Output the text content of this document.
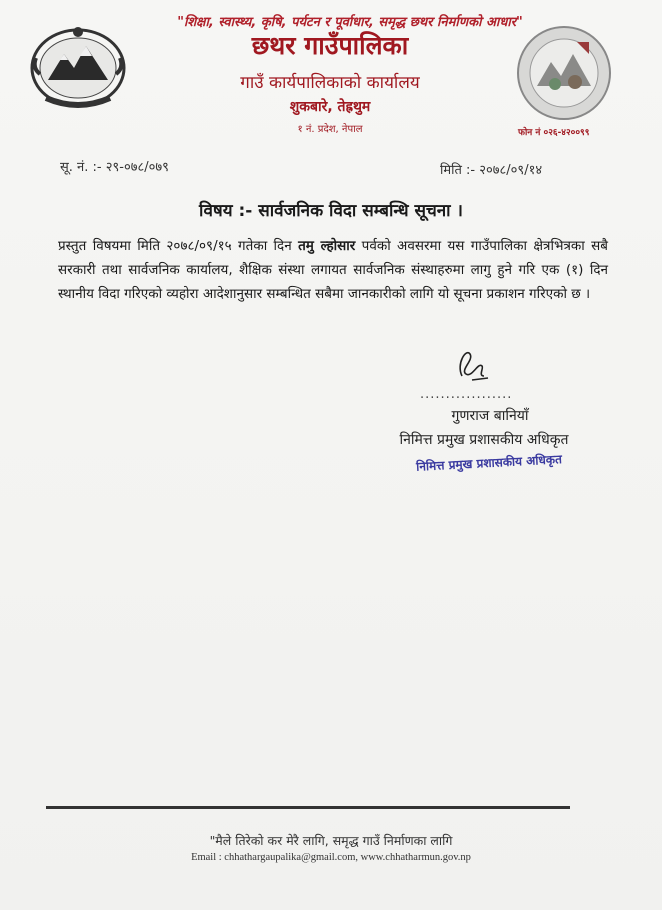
"शिक्षा, स्वास्थ्य, कृषि, पर्यटन र पूर्वाधार, समृद्ध छथर निर्माणको आधार"
छथर गाउँपालिका
गाउँ कार्यपालिकाको कार्यालय
शुकबारे, तेह्रथुम
१ नं. प्रदेश, नेपाल	फोन नं ०२६-४२००९९
सू. नं. :- २९-०७८/०७९	मिति :- २०७८/०९/१४
विषय :- सार्वजनिक विदा सम्बन्धि सूचना ।
प्रस्तुत विषयमा मिति २०७८/०९/१५ गतेका दिन तमु ल्होसार पर्वको अवसरमा यस गाउँपालिका क्षेत्रभित्रका सबै सरकारी तथा सार्वजनिक कार्यालय, शैक्षिक संस्था लगायत सार्वजनिक संस्थाहरुमा लागु हुने गरि एक (१) दिन स्थानीय विदा गरिएको व्यहोरा आदेशानुसार सम्बन्धित सबैमा जानकारीको लागि यो सूचना प्रकाशन गरिएको छ ।
..................
गुणराज बानियाँ
निमित्त प्रमुख प्रशासकीय अधिकृत
निमित्त प्रमुख प्रशासकीय अधिकृत
"मैले तिरेको कर मेरै लागि, समृद्ध गाउँ निर्माणका लागि
Email : chhathargaupalika@gmail.com, www.chhatharmun.gov.np
